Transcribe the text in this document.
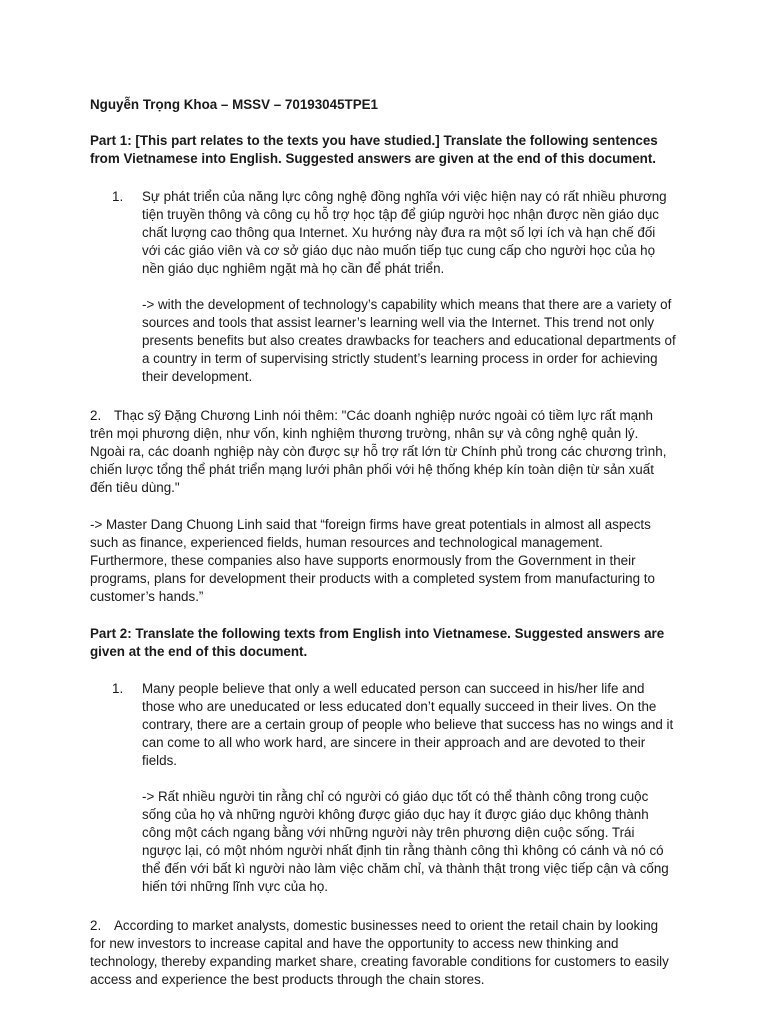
Nguyễn Trọng Khoa – MSSV – 70193045TPE1

Part 1: [This part relates to the texts you have studied.] Translate the following sentences from Vietnamese into English. Suggested answers are given at the end of this document.

1. Sự phát triển của năng lực công nghệ đồng nghĩa với việc hiện nay có rất nhiều phương tiện truyền thông và công cụ hỗ trợ học tập để giúp người học nhận được nền giáo dục chất lượng cao thông qua Internet. Xu hướng này đưa ra một số lợi ích và hạn chế đối với các giáo viên và cơ sở giáo dục nào muốn tiếp tục cung cấp cho người học của họ nền giáo dục nghiêm ngặt mà họ cần để phát triển.

-> with the development of technology’s capability which means that there are a variety of sources and tools that assist learner’s learning well via the Internet. This trend not only presents benefits but also creates drawbacks for teachers and educational departments of a country in term of supervising strictly student’s learning process in order for achieving their development.

2. Thạc sỹ Đặng Chương Linh nói thêm: "Các doanh nghiệp nước ngoài có tiềm lực rất mạnh trên mọi phương diện, như vốn, kinh nghiệm thương trường, nhân sự và công nghệ quản lý. Ngoài ra, các doanh nghiệp này còn được sự hỗ trợ rất lớn từ Chính phủ trong các chương trình, chiến lược tổng thể phát triển mạng lưới phân phối với hệ thống khép kín toàn diện từ sản xuất đến tiêu dùng."

-> Master Dang Chuong Linh said that “foreign firms have great potentials in almost all aspects such as finance, experienced fields, human resources and technological management. Furthermore, these companies also have supports enormously from the Government in their programs, plans for development their products with a completed system from manufacturing to customer’s hands.”

Part 2: Translate the following texts from English into Vietnamese. Suggested answers are given at the end of this document.

1. Many people believe that only a well educated person can succeed in his/her life and those who are uneducated or less educated don’t equally succeed in their lives. On the contrary, there are a certain group of people who believe that success has no wings and it can come to all who work hard, are sincere in their approach and are devoted to their fields.

-> Rất nhiều người tin rằng chỉ có người có giáo dục tốt có thể thành công trong cuộc sống của họ và những người không được giáo dục hay ít được giáo dục không thành công một cách ngang bằng với những người này trên phương diện cuộc sống. Trái ngược lại, có một nhóm người nhất định tin rằng thành công thì không có cánh và nó có thể đến với bất kì người nào làm việc chăm chỉ, và thành thật trong việc tiếp cận và cống hiến tới những lĩnh vực của họ.

2. According to market analysts, domestic businesses need to orient the retail chain by looking for new investors to increase capital and have the opportunity to access new thinking and technology, thereby expanding market share, creating favorable conditions for customers to easily access and experience the best products through the chain stores.
